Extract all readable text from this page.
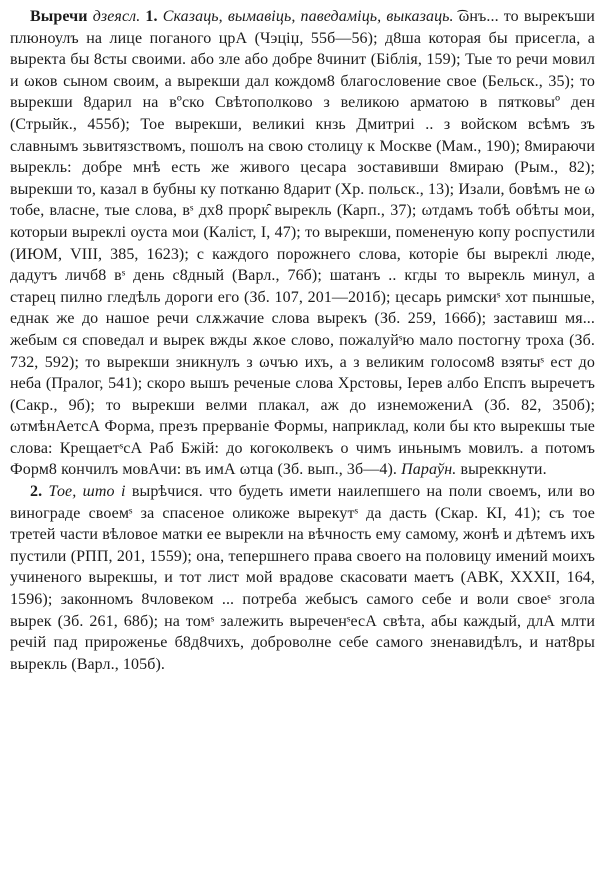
Выречи дзеясл. 1. Сказаць, вымавіць, паведаміць, выказаць. ͡ωнъ... то вырекъши плюноулъ на лице поганого црА (Чэціџ, 55б—56); д8ша которая бы присегла, а выректа бы 8сты своими. або зле або добре 8чинит (Біблія, 159); Тые то речи мовил и ωков сыном своим, а вырекши дал кождом8 благословение свое (Бельск., 35); то вырекши 8дарил на вºско Свѣтополково з великою арматою в пятковыº ден (Стрыйк., 455б); Тое вырекши, великиі кнзь Дмитриі .. з войском всѣмъ зъ славнымъ зьвитязствомъ, пошолъ на свою столицу к Москве (Мам., 190); 8мираючи вырекль: добре мнѣ есть же живого цесара зоставивши 8мираю (Рым., 82); вырекши то, казал в бубны ку потканю 8дарит (Хр. польск., 13); Изали, бовѣмъ не ω тобе, власне, тые слова, вˢ дх8 прорк̑ вырекль (Карп., 37); ωтдамъ тобѣ обѣты мои, которыи выреклі оуста мои (Каліст, I, 47); то вырекши, помененую копу роспустили (ИЮМ, VIII, 385, 1623); с каждого порожнего слова, которіе бы выреклі люде, дадутъ личб8 вˢ день с8дный (Варл., 76б); шатанъ .. кгды то вырекль минул, а старец пилно гледѣль дороги его (Зб. 107, 201—201б); цесарь римскиˢ хот пыншые, еднак же до нашое речи слѫжачие слова вырекъ (Зб. 259, 166б); заставиш мя... жебым ся споведал и вырек вжды ѫкое слово, пожалуйˢю мало постогну троха (Зб. 732, 592); то вырекши зникнулъ з ωчъю ихъ, а з великим голосом8 взятыˢ ест до неба (Пралог, 541); скоро вышъ реченые слова Хрстовы, Іерев албо Епспъ выречетъ (Сакр., 9б); то вырекши велми плакал, аж до изнеможениА (Зб. 82, 350б); ωтмѣнАетсА Форма, презъ прерваніе Формы, наприклад, коли бы кто вырекшы тые слова: КрещаетˢсА Раб Бжій: до когоколвекъ о чимъ иньнымъ мовилъ. а потомъ Форм8 кончилъ мовАчи: въ имА ωтца (Зб. вып., 3б—4). Параўн. выреккнути.

2. Тое, што і вырѣчися. что будеть имети наилепшего на поли своемъ, или во винограде своемˢ за спасеное оликоже вырекутˢ да дасть (Скар. КІ, 41); съ тое третей части вѣловое матки ее вырекли на вѣчность ему самому, жонѣ и дѣтемъ ихъ пустили (РПП, 201, 1559); она, тепершнего права своего на половицу имений моихъ учиненого вырекшы, и тот лист мой врадове скасовати маетъ (АВК, XXXII, 164, 1596); законномъ 8чловеком ... потреба жебысъ самого себе и воли своеˢ згола вырек (Зб. 261, 68б); на томˢ залежить выреченˢесА свѣта, абы каждый, длА млти речій пад прироженье б8д8чихъ, доброволне себе самого зненавидѣлъ, и нат8ры вырекль (Варл., 105б).
